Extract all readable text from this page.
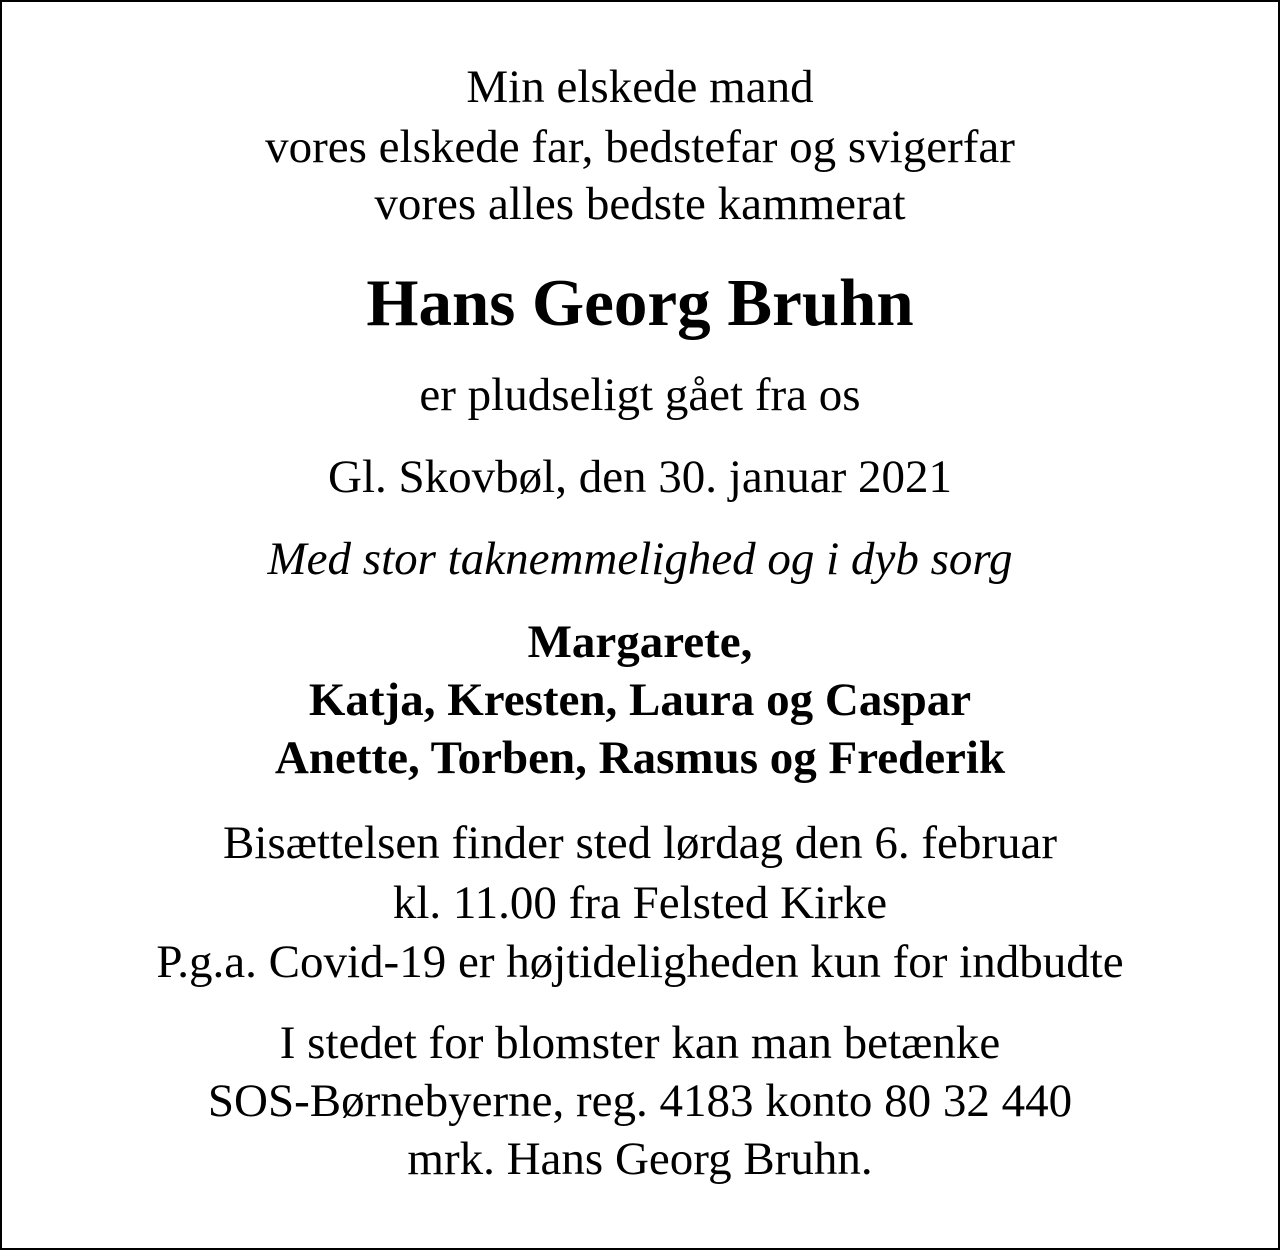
Min elskede mand
vores elskede far, bedstefar og svigerfar
vores alles bedste kammerat
Hans Georg Bruhn
er pludseligt gået fra os
Gl. Skovbøl, den 30. januar 2021
Med stor taknemmelighed og i dyb sorg
Margarete,
Katja, Kresten, Laura og Caspar
Anette, Torben, Rasmus og Frederik
Bisættelsen finder sted lørdag den 6. februar
kl. 11.00 fra Felsted Kirke
P.g.a. Covid-19 er højtideligheden kun for indbudte
I stedet for blomster kan man betænke
SOS-Børnebyerne, reg. 4183 konto 80 32 440
mrk. Hans Georg Bruhn.
